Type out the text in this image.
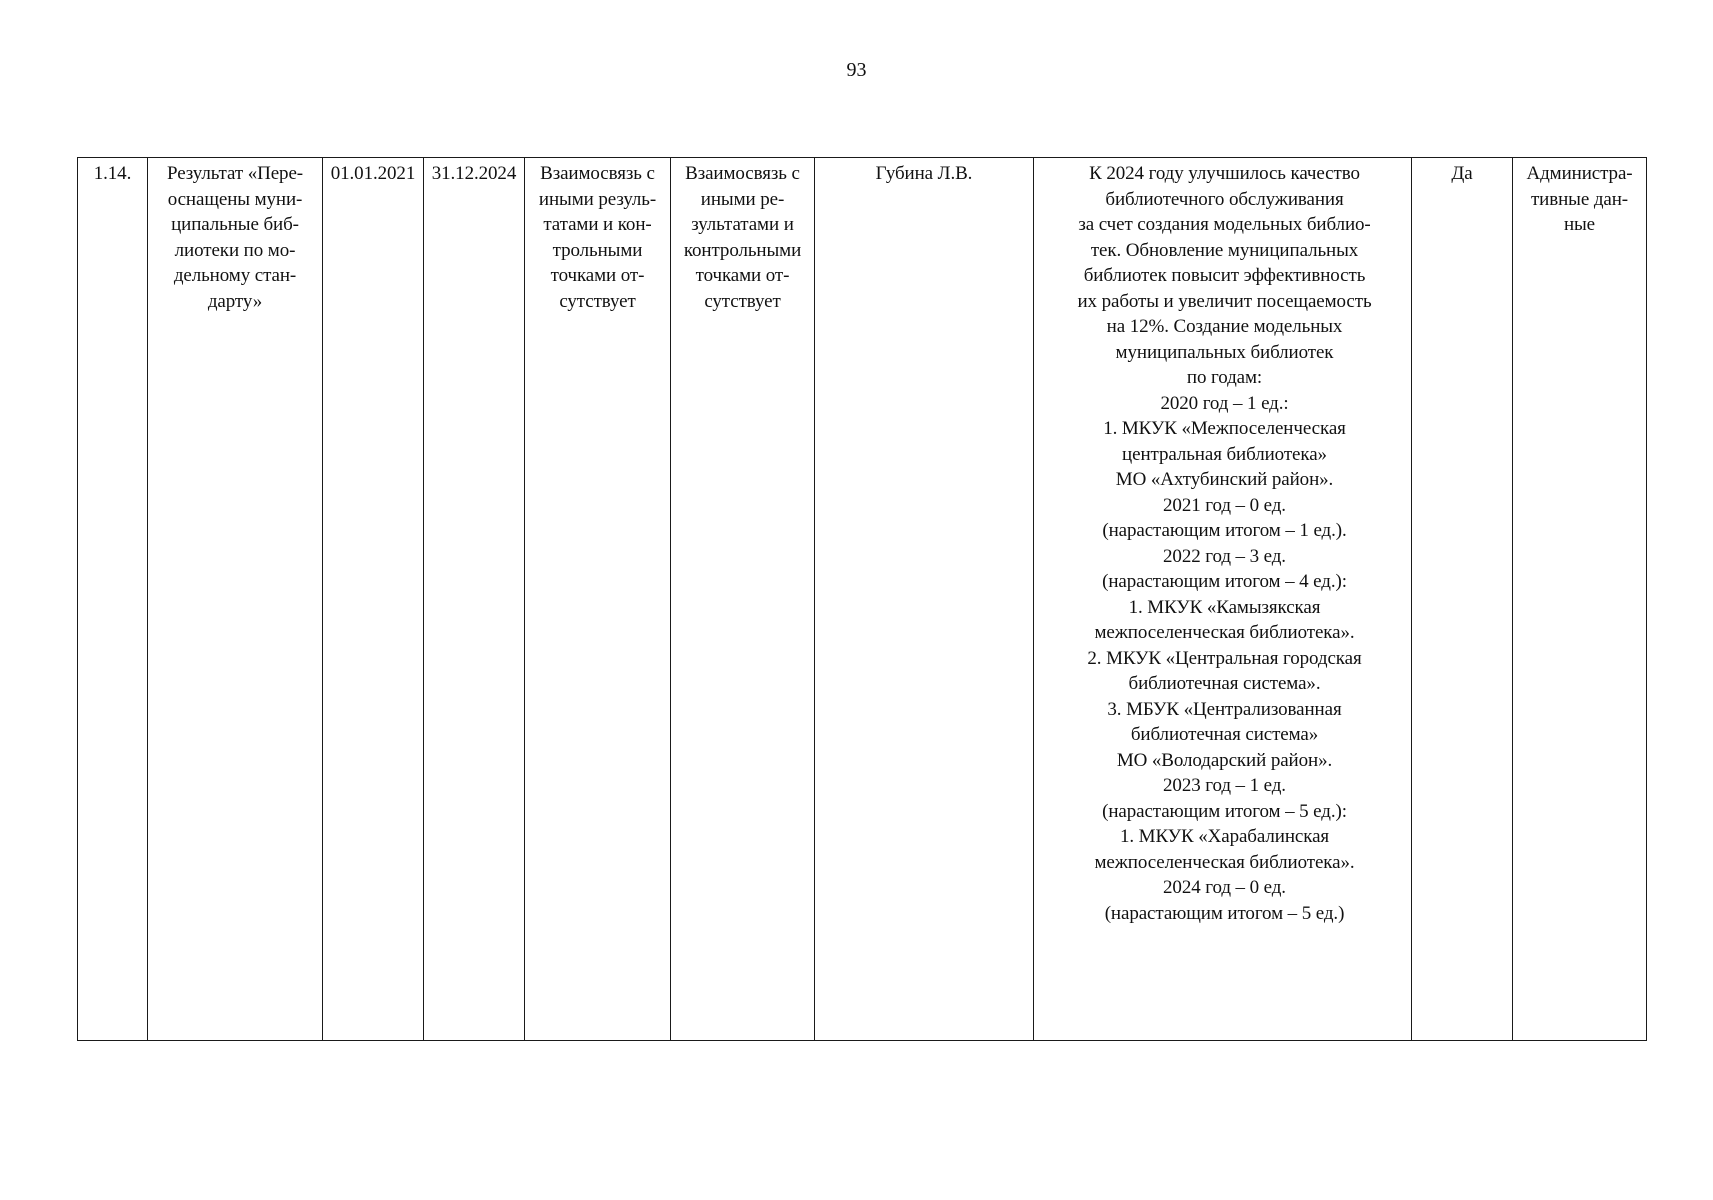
93
1.14.	Результат «Пере-
оснащены муни-
ципальные биб-
лиотеки по мо-
дельному стан-
дарту»	01.01.2021	31.12.2024	Взаимосвязь с
иными резуль-
татами и кон-
трольными
точками от-
сутствует	Взаимосвязь с
иными ре-
зультатами и
контрольными
точками от-
сутствует	Губина Л.В.	К 2024 году улучшилось качество
библиотечного обслуживания
за счет создания модельных библио-
тек. Обновление муниципальных
библиотек повысит эффективность
их работы и увеличит посещаемость
на 12%. Создание модельных
муниципальных библиотек
по годам:
2020 год – 1 ед.:
1. МКУК «Межпоселенческая
центральная библиотека»
МО «Ахтубинский район».
2021 год – 0 ед.
(нарастающим итогом – 1 ед.).
2022 год – 3 ед.
(нарастающим итогом – 4 ед.):
1. МКУК «Камызякская
межпоселенческая библиотека».
2. МКУК «Центральная городская
библиотечная система».
3. МБУК «Централизованная
библиотечная система»
МО «Володарский район».
2023 год – 1 ед.
(нарастающим итогом – 5 ед.):
1. МКУК «Харабалинская
межпоселенческая библиотека».
2024 год – 0 ед.
(нарастающим итогом – 5 ед.)	Да	Администра-
тивные дан-
ные
